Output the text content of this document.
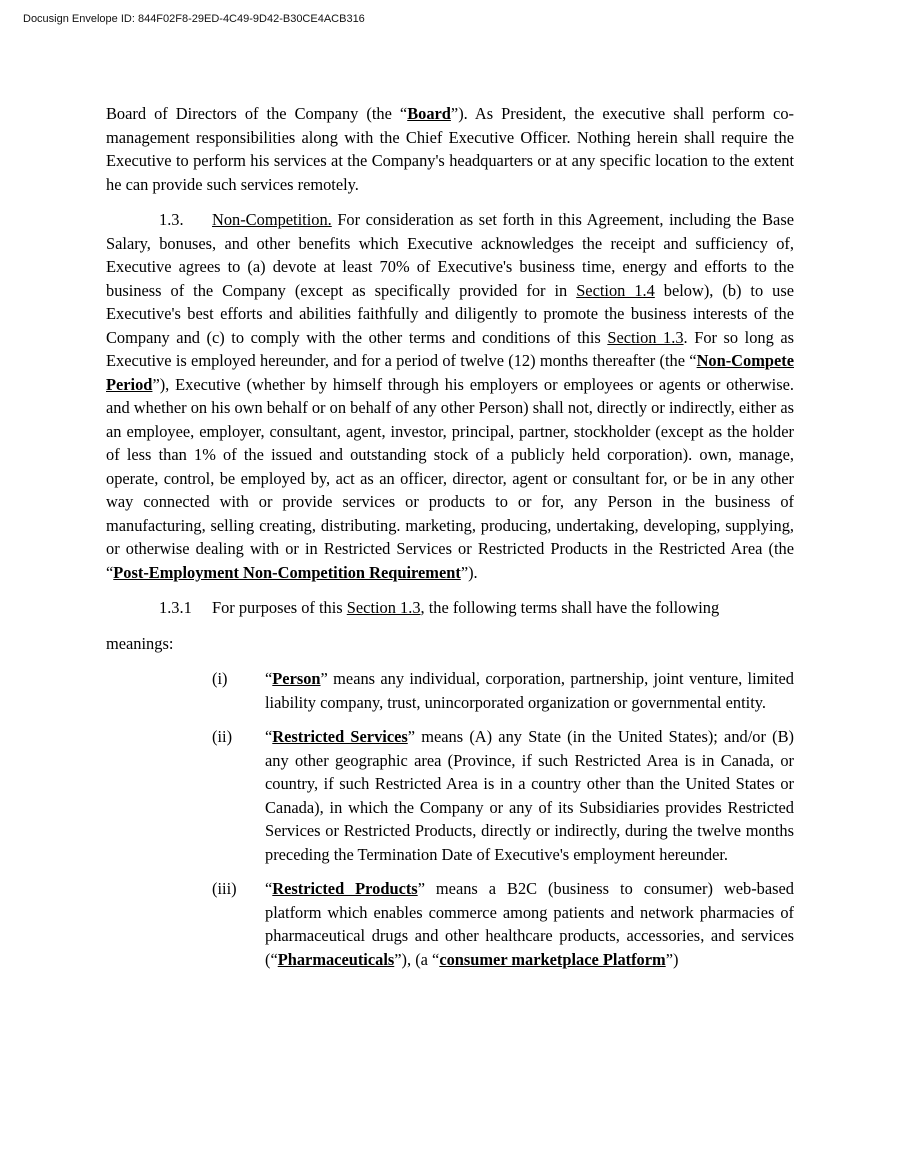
Docusign Envelope ID: 844F02F8-29ED-4C49-9D42-B30CE4ACB316

Board of Directors of the Company (the “Board”). As President, the executive shall perform co-management responsibilities along with the Chief Executive Officer. Nothing herein shall require the Executive to perform his services at the Company's headquarters or at any specific location to the extent he can provide such services remotely.

1.3. Non-Competition. For consideration as set forth in this Agreement, including the Base Salary, bonuses, and other benefits which Executive acknowledges the receipt and sufficiency of, Executive agrees to (a) devote at least 70% of Executive's business time, energy and efforts to the business of the Company (except as specifically provided for in Section 1.4 below), (b) to use Executive's best efforts and abilities faithfully and diligently to promote the business interests of the Company and (c) to comply with the other terms and conditions of this Section 1.3. For so long as Executive is employed hereunder, and for a period of twelve (12) months thereafter (the “Non-Compete Period”), Executive (whether by himself through his employers or employees or agents or otherwise. and whether on his own behalf or on behalf of any other Person) shall not, directly or indirectly, either as an employee, employer, consultant, agent, investor, principal, partner, stockholder (except as the holder of less than 1% of the issued and outstanding stock of a publicly held corporation). own, manage, operate, control, be employed by, act as an officer, director, agent or consultant for, or be in any other way connected with or provide services or products to or for, any Person in the business of manufacturing, selling creating, distributing. marketing, producing, undertaking, developing, supplying, or otherwise dealing with or in Restricted Services or Restricted Products in the Restricted Area (the “Post-Employment Non-Competition Requirement”).

1.3.1 For purposes of this Section 1.3, the following terms shall have the following

meanings:

(i)	“Person” means any individual, corporation, partnership, joint venture, limited liability company, trust, unincorporated organization or governmental entity.
(ii)	“Restricted Services” means (A) any State (in the United States); and/or (B) any other geographic area (Province, if such Restricted Area is in Canada, or country, if such Restricted Area is in a country other than the United States or Canada), in which the Company or any of its Subsidiaries provides Restricted Services or Restricted Products, directly or indirectly, during the twelve months preceding the Termination Date of Executive's employment hereunder.
(iii)	“Restricted Products” means a B2C (business to consumer) web-based platform which enables commerce among patients and network pharmacies of pharmaceutical drugs and other healthcare products, accessories, and services (“Pharmaceuticals”), (a “consumer marketplace Platform”)
